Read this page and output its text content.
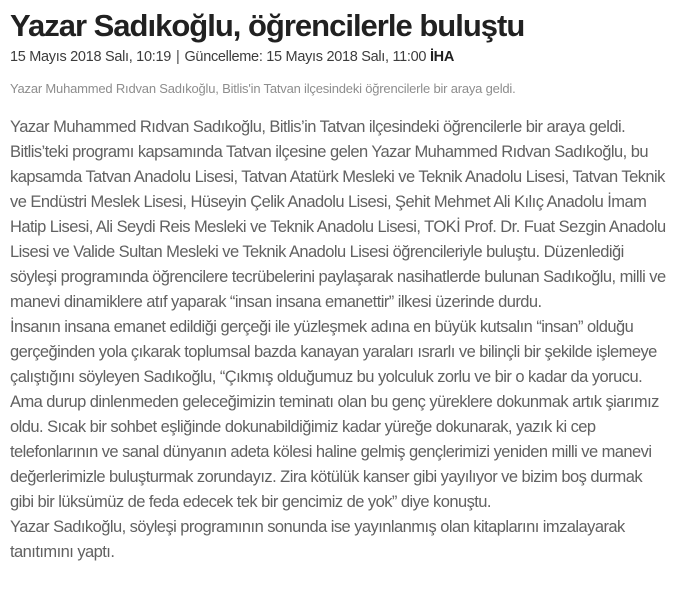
Yazar Sadıkoğlu, öğrencilerle buluştu
15 Mayıs 2018 Salı, 10:19 | Güncelleme: 15 Mayıs 2018 Salı, 11:00 İHA

Yazar Muhammed Rıdvan Sadıkoğlu, Bitlis'in Tatvan ilçesindeki öğrencilerle bir araya geldi.

Yazar Muhammed Rıdvan Sadıkoğlu, Bitlis’in Tatvan ilçesindeki öğrencilerle bir araya geldi. Bitlis’teki programı kapsamında Tatvan ilçesine gelen Yazar Muhammed Rıdvan Sadıkoğlu, bu kapsamda Tatvan Anadolu Lisesi, Tatvan Atatürk Mesleki ve Teknik Anadolu Lisesi, Tatvan Teknik ve Endüstri Meslek Lisesi, Hüseyin Çelik Anadolu Lisesi, Şehit Mehmet Ali Kılıç Anadolu İmam Hatip Lisesi, Ali Seydi Reis Mesleki ve Teknik Anadolu Lisesi, TOKİ Prof. Dr. Fuat Sezgin Anadolu Lisesi ve Valide Sultan Mesleki ve Teknik Anadolu Lisesi öğrencileriyle buluştu. Düzenlediği söyleşi programında öğrencilere tecrübelerini paylaşarak nasihatlerde bulunan Sadıkoğlu, milli ve manevi dinamiklere atıf yaparak “insan insana emanettir” ilkesi üzerinde durdu.

İnsanın insana emanet edildiği gerçeği ile yüzleşmek adına en büyük kutsalın “insan” olduğu gerçeğinden yola çıkarak toplumsal bazda kanayan yaraları ısrarlı ve bilinçli bir şekilde işlemeye çalıştığını söyleyen Sadıkoğlu, “Çıkmış olduğumuz bu yolculuk zorlu ve bir o kadar da yorucu. Ama durup dinlenmeden geleceğimizin teminatı olan bu genç yüreklere dokunmak artık şiarımız oldu. Sıcak bir sohbet eşliğinde dokunabildiğimiz kadar yüreğe dokunarak, yazık ki cep telefonlarının ve sanal dünyanın adeta kölesi haline gelmiş gençlerimizi yeniden milli ve manevi değerlerimizle buluşturmak zorundayız. Zira kötülük kanser gibi yayılıyor ve bizim boş durmak gibi bir lüksümüz de feda edecek tek bir gencimiz de yok” diye konuştu.

Yazar Sadıkoğlu, söyleşi programının sonunda ise yayınlanmış olan kitaplarını imzalayarak tanıtımını yaptı.
